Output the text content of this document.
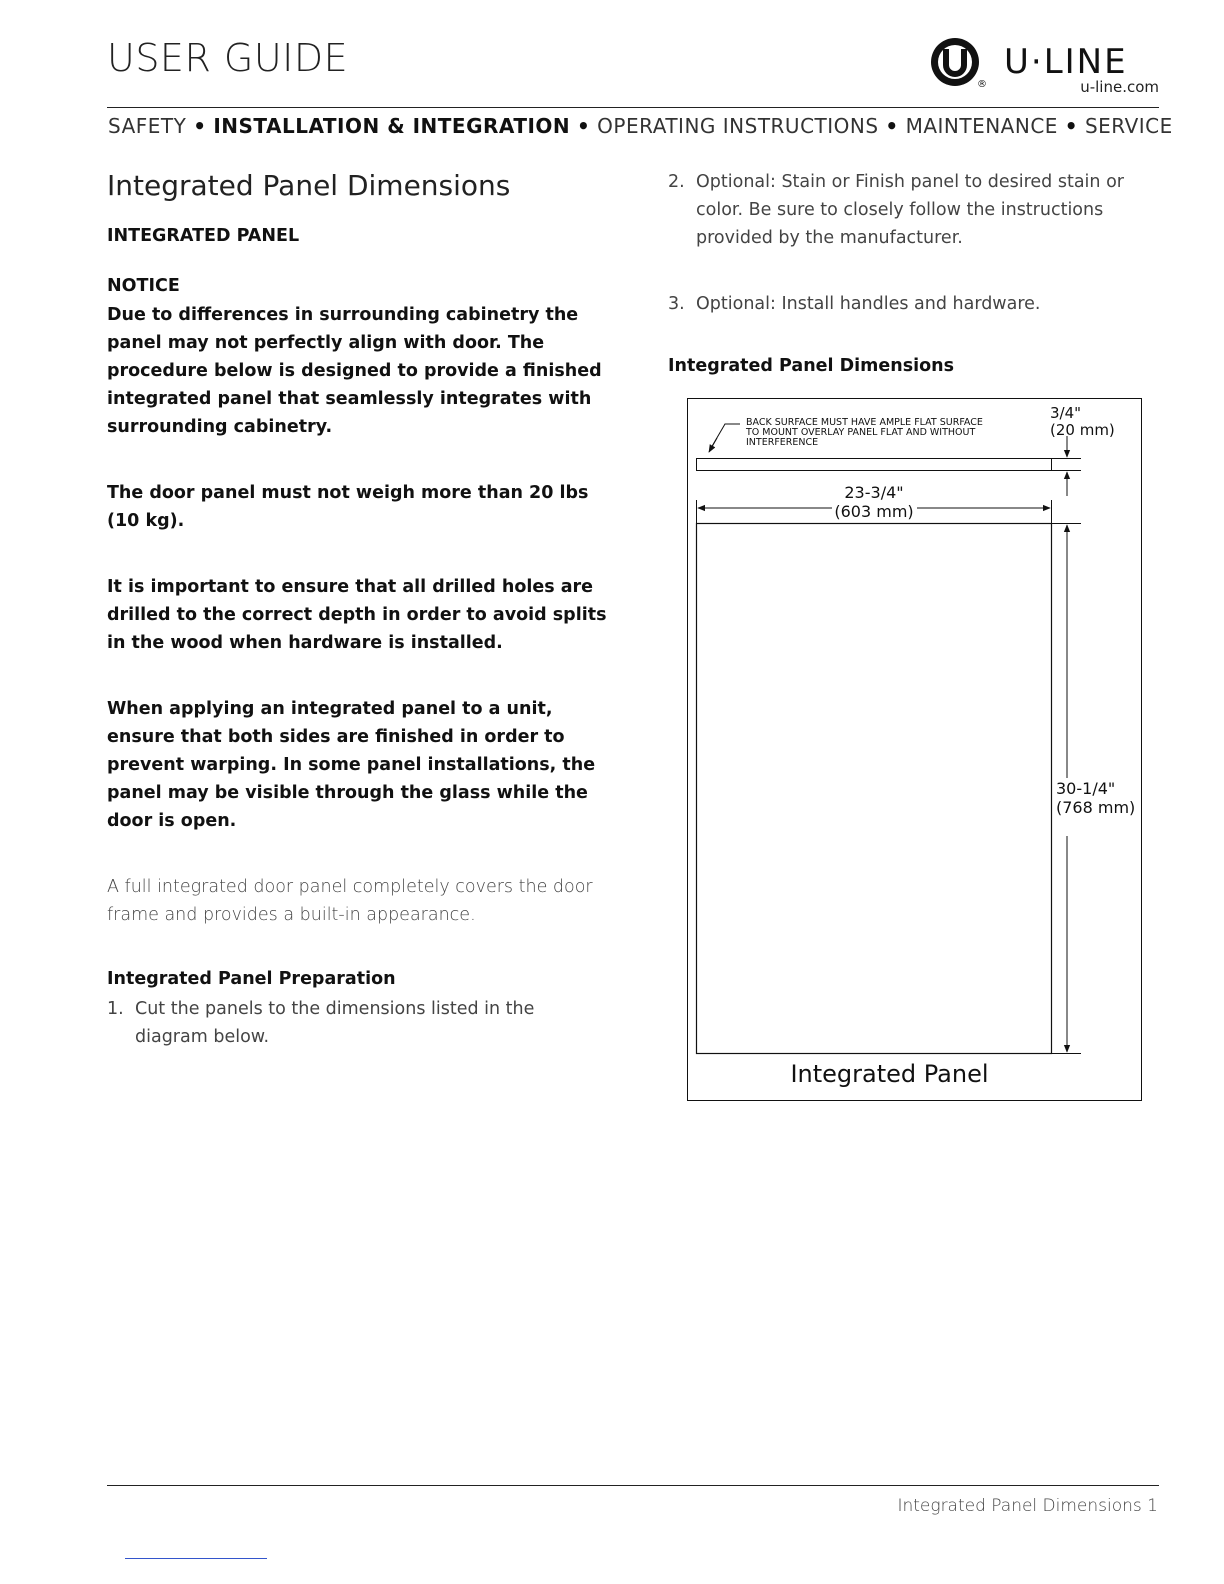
USER GUIDE
®
U·LINE
u-line.com
SAFETY • INSTALLATION & INTEGRATION • OPERATING INSTRUCTIONS • MAINTENANCE • SERVICE
Integrated Panel Dimensions
INTEGRATED PANEL
NOTICE
Due to differences in surrounding cabinetry the panel may not perfectly align with door. The procedure below is designed to provide a finished integrated panel that seamlessly integrates with surrounding cabinetry.
The door panel must not weigh more than 20 lbs (10 kg).
It is important to ensure that all drilled holes are drilled to the correct depth in order to avoid splits in the wood when hardware is installed.
When applying an integrated panel to a unit, ensure that both sides are finished in order to prevent warping. In some panel installations, the panel may be visible through the glass while the door is open.
A full integrated door panel completely covers the door frame and provides a built-in appearance.
Integrated Panel Preparation
1. Cut the panels to the dimensions listed in the diagram below.
2. Optional: Stain or Finish panel to desired stain or color. Be sure to closely follow the instructions provided by the manufacturer.
3. Optional: Install handles and hardware.
Integrated Panel Dimensions
BACK SURFACE MUST HAVE AMPLE FLAT SURFACE
TO MOUNT OVERLAY PANEL FLAT AND WITHOUT
INTERFERENCE
3/4"
(20 mm)
23-3/4"
(603 mm)
30-1/4"
(768 mm)
Integrated Panel
Integrated Panel Dimensions 1
